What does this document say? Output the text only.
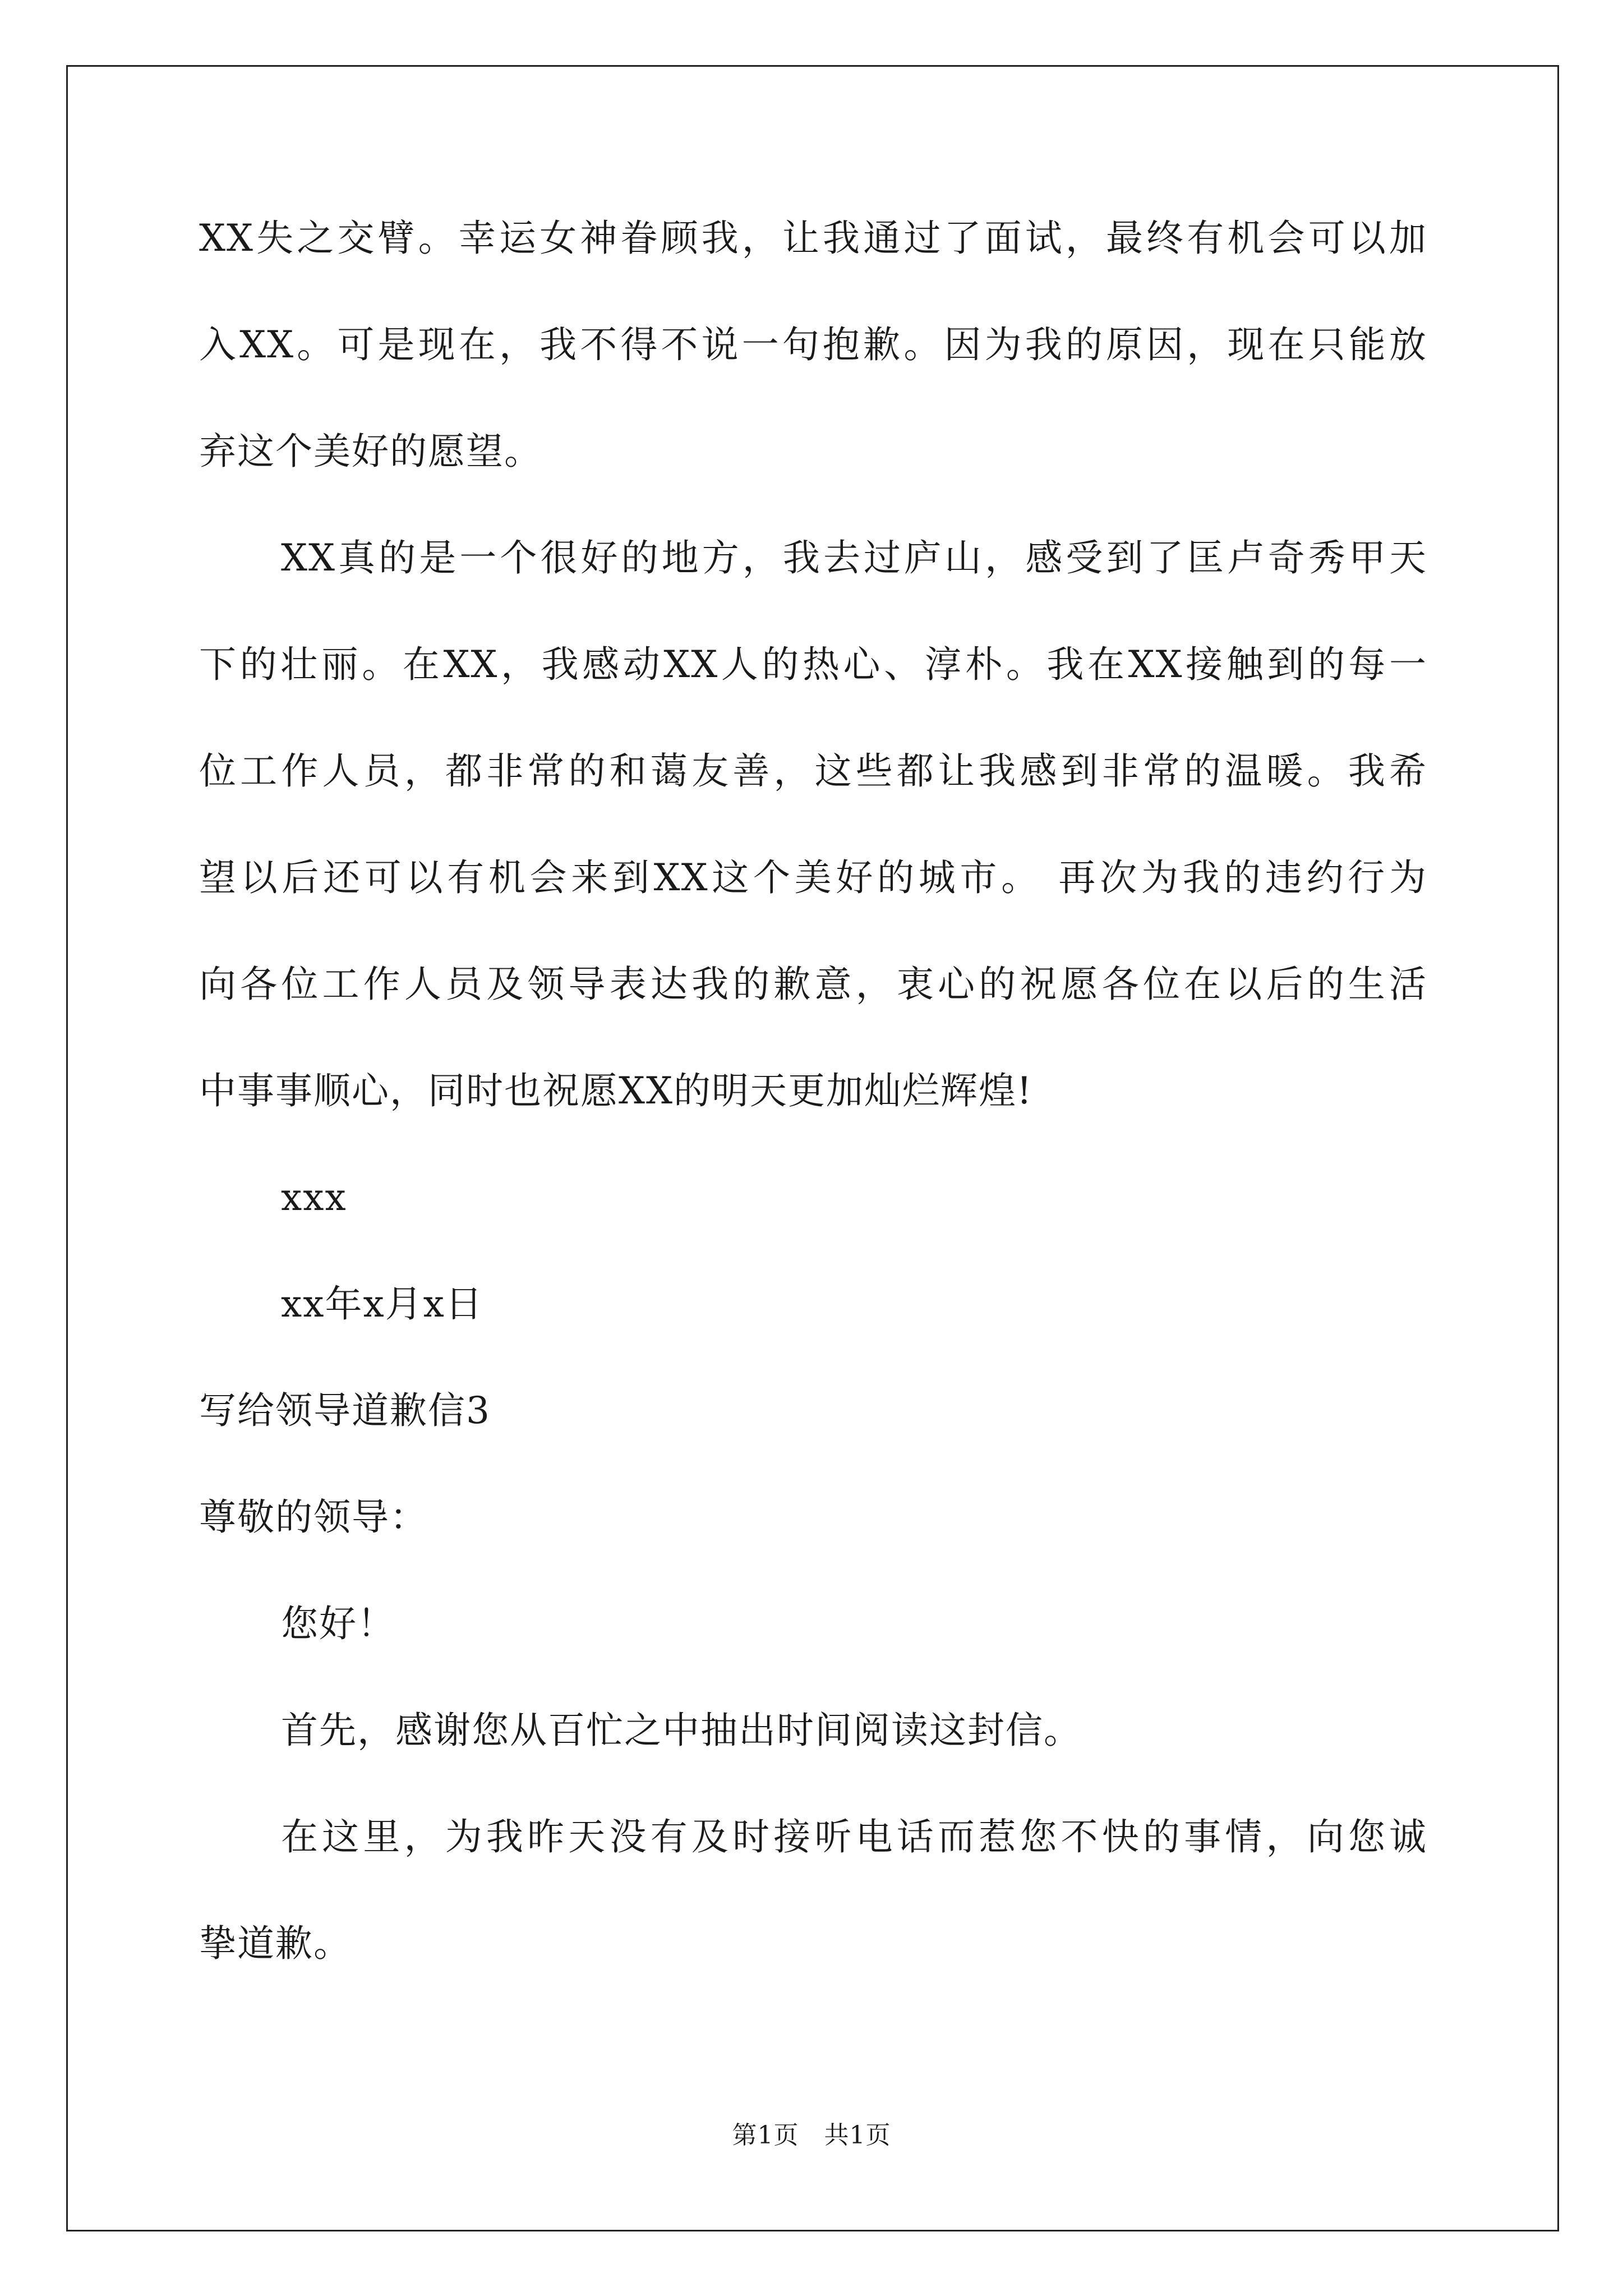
XX失之交臂。幸运女神眷顾我，让我通过了面试，最终有机会可以加
入XX。可是现在，我不得不说一句抱歉。因为我的原因，现在只能放
弃这个美好的愿望。
XX真的是一个很好的地方，我去过庐山，感受到了匡卢奇秀甲天
下的壮丽。在XX，我感动XX人的热心、淳朴。我在XX接触到的每一
位工作人员，都非常的和蔼友善，这些都让我感到非常的温暖。我希
望以后还可以有机会来到XX这个美好的城市。 再次为我的违约行为
向各位工作人员及领导表达我的歉意，衷心的祝愿各位在以后的生活
中事事顺心，同时也祝愿XX的明天更加灿烂辉煌!
xxx
xx年x月x日
写给领导道歉信3
尊敬的领导：
您好！
首先，感谢您从百忙之中抽出时间阅读这封信。
在这里，为我昨天没有及时接听电话而惹您不快的事情，向您诚
挚道歉。
第1页　共1页
